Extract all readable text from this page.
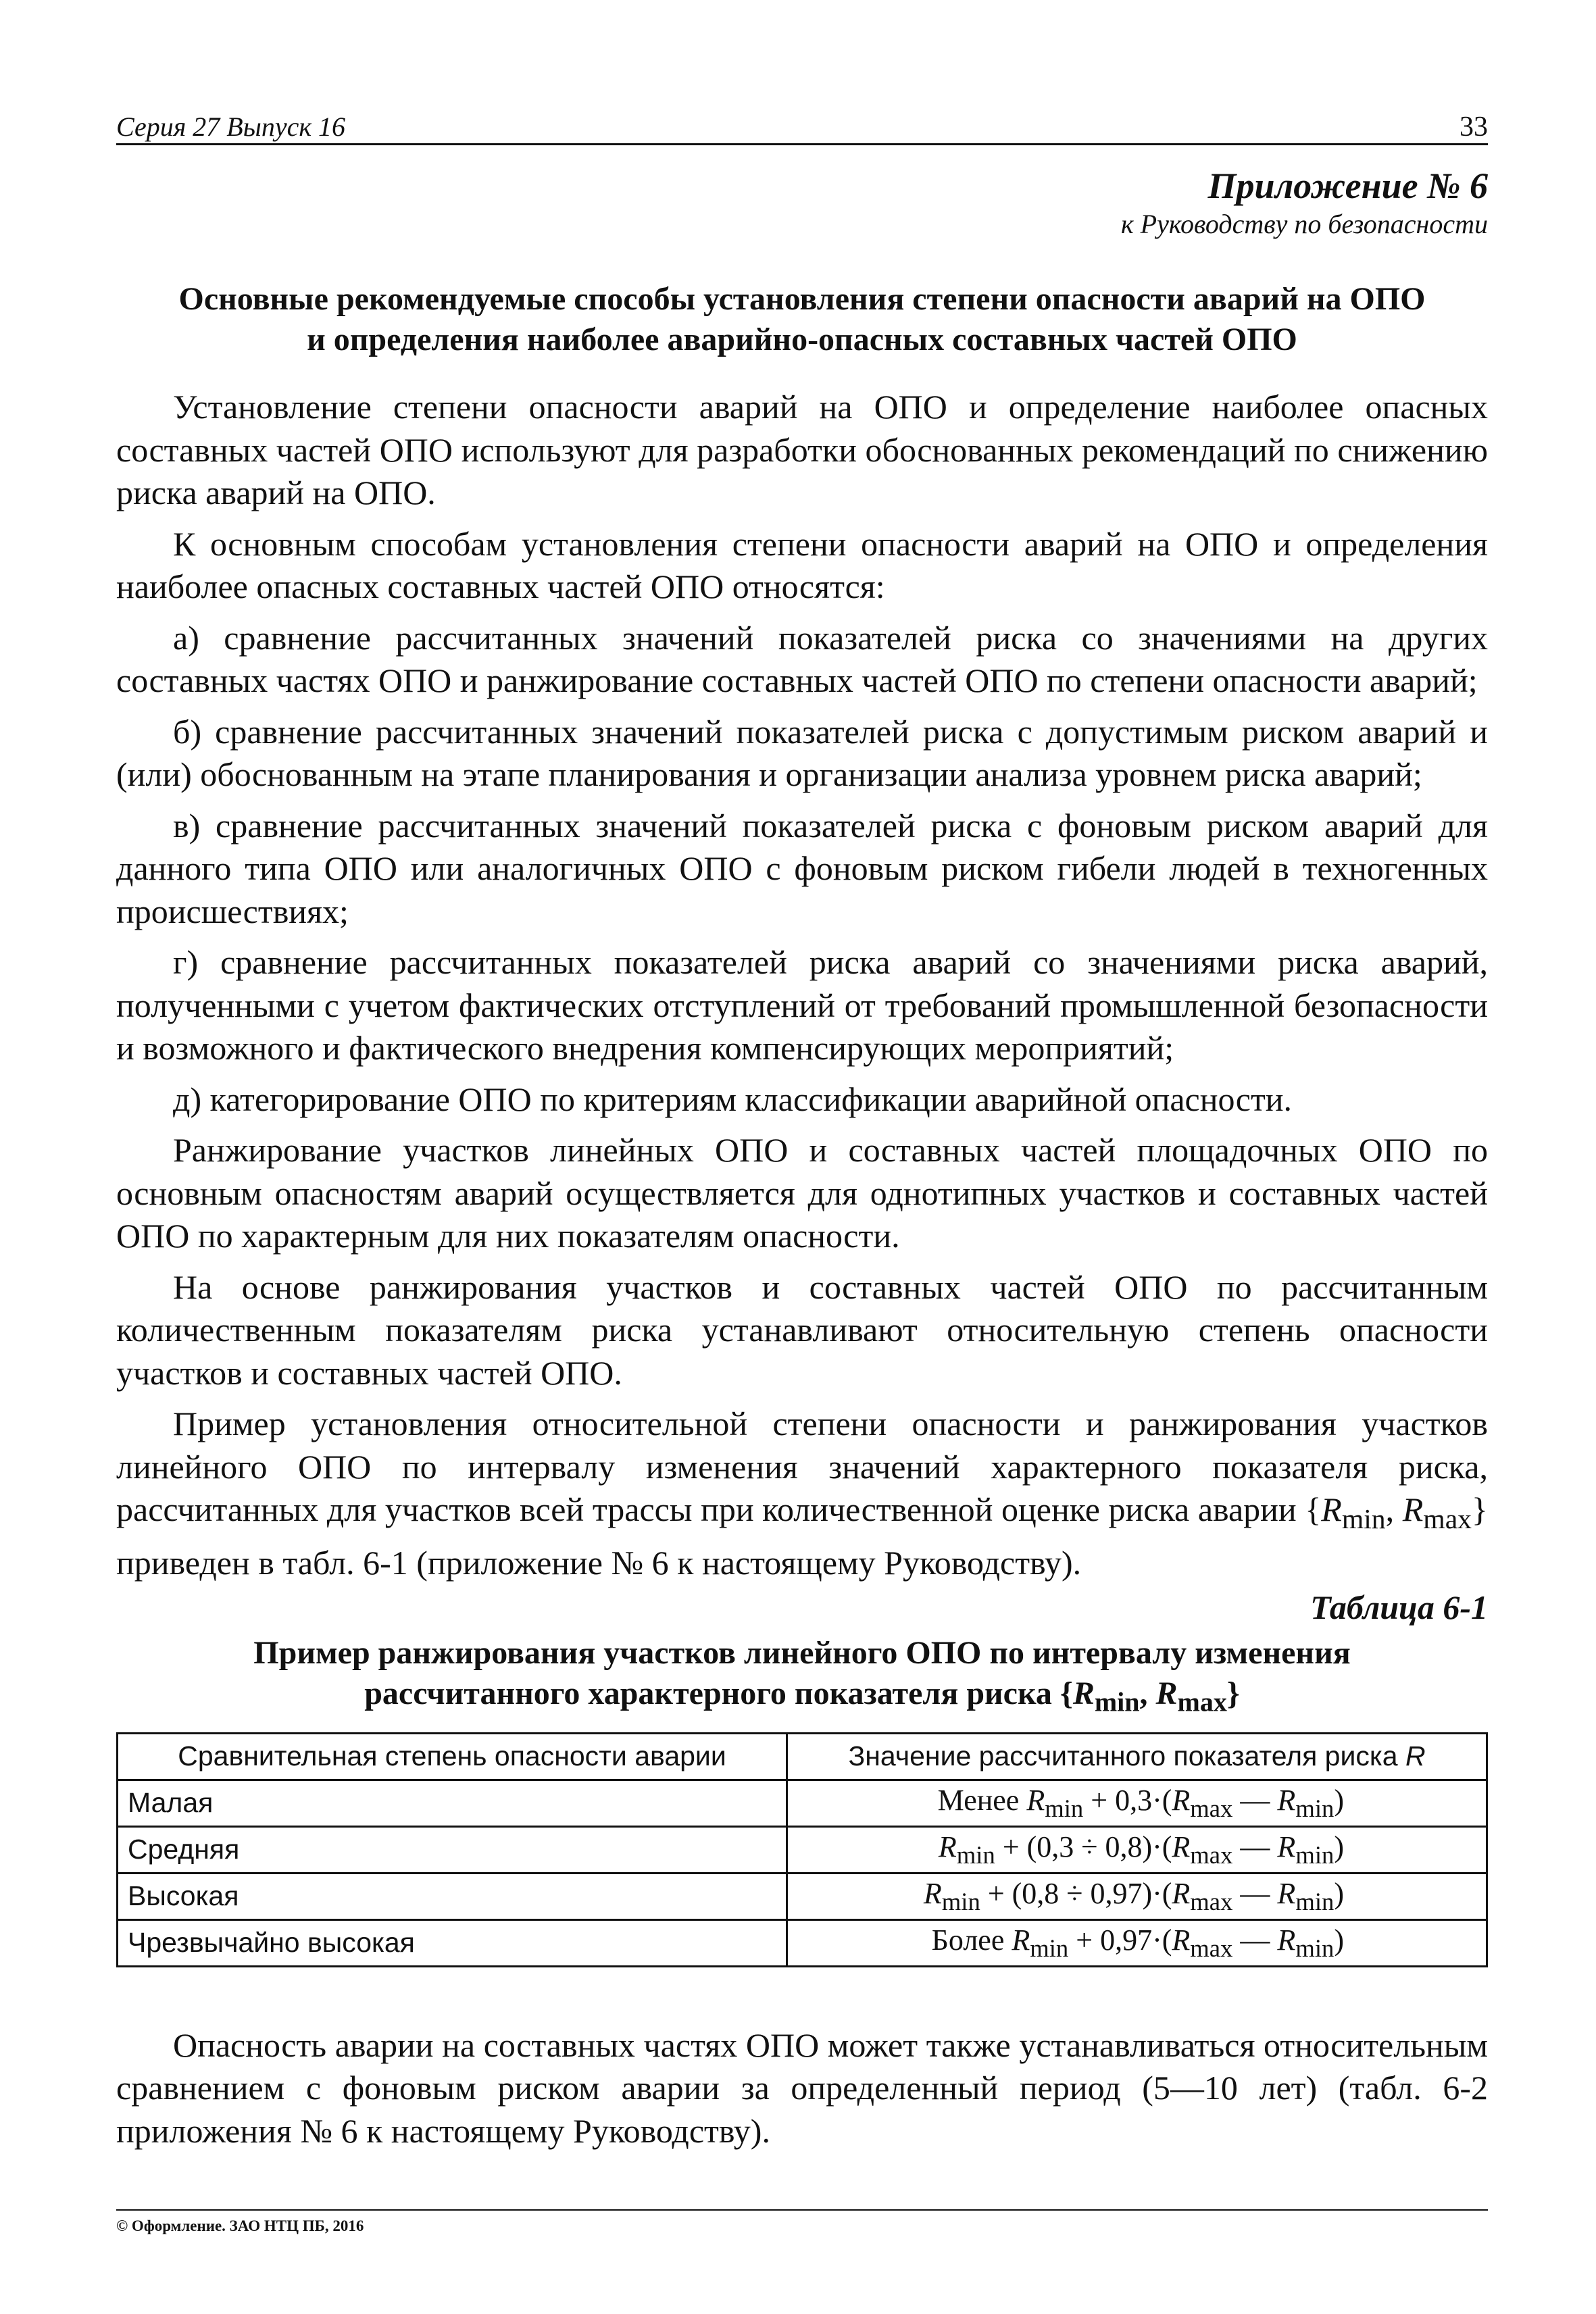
Серия 27 Выпуск 16	33
Приложение № 6
к Руководству по безопасности
Основные рекомендуемые способы установления степени опасности аварий на ОПО
и определения наиболее аварийно-опасных составных частей ОПО

Установление степени опасности аварий на ОПО и определение наиболее опасных составных частей ОПО используют для разработки обоснованных рекомендаций по снижению риска аварий на ОПО.

К основным способам установления степени опасности аварий на ОПО и определения наиболее опасных составных частей ОПО относятся:

а) сравнение рассчитанных значений показателей риска со значениями на других составных частях ОПО и ранжирование составных частей ОПО по степени опасности аварий;

б) сравнение рассчитанных значений показателей риска с допустимым риском аварий и (или) обоснованным на этапе планирования и организации анализа уровнем риска аварий;

в) сравнение рассчитанных значений показателей риска с фоновым риском аварий для данного типа ОПО или аналогичных ОПО с фоновым риском гибели людей в техногенных происшествиях;

г) сравнение рассчитанных показателей риска аварий со значениями риска аварий, полученными с учетом фактических отступлений от требований промышленной безопасности и возможного и фактического внедрения компенсирующих мероприятий;

д) категорирование ОПО по критериям классификации аварийной опасности.

Ранжирование участков линейных ОПО и составных частей площадочных ОПО по основным опасностям аварий осуществляется для однотипных участков и составных частей ОПО по характерным для них показателям опасности.

На основе ранжирования участков и составных частей ОПО по рассчитанным количественным показателям риска устанавливают относительную степень опасности участков и составных частей ОПО.

Пример установления относительной степени опасности и ранжирования участков линейного ОПО по интервалу изменения значений характерного показателя риска, рассчитанных для участков всей трассы при количественной оценке риска аварии {$R_{min}$, $R_{max}$} приведен в табл. 6-1 (приложение № 6 к настоящему Руководству).

Таблица 6-1
Пример ранжирования участков линейного ОПО по интервалу изменения
рассчитанного характерного показателя риска {$R_{min}$, $R_{max}$}
Сравнительная степень опасности аварии	Значение рассчитанного показателя риска R
Малая	Менее $R_{min} + 0,3\cdot(R_{max}$ — $R_{min}$)
Средняя	$R_{min} + (0,3 \div 0,8)\cdot(R_{max}$ — $R_{min}$)
Высокая	$R_{min} + (0,8 \div 0,97)\cdot(R_{max}$ — $R_{min}$)
Чрезвычайно высокая	Более $R_{min} + 0,97\cdot(R_{max}$ — $R_{min}$)

Опасность аварии на составных частях ОПО может также устанавливаться относительным сравнением с фоновым риском аварии за определенный период (5—10 лет) (табл. 6-2 приложения № 6 к настоящему Руководству).

© Оформление. ЗАО НТЦ ПБ, 2016
